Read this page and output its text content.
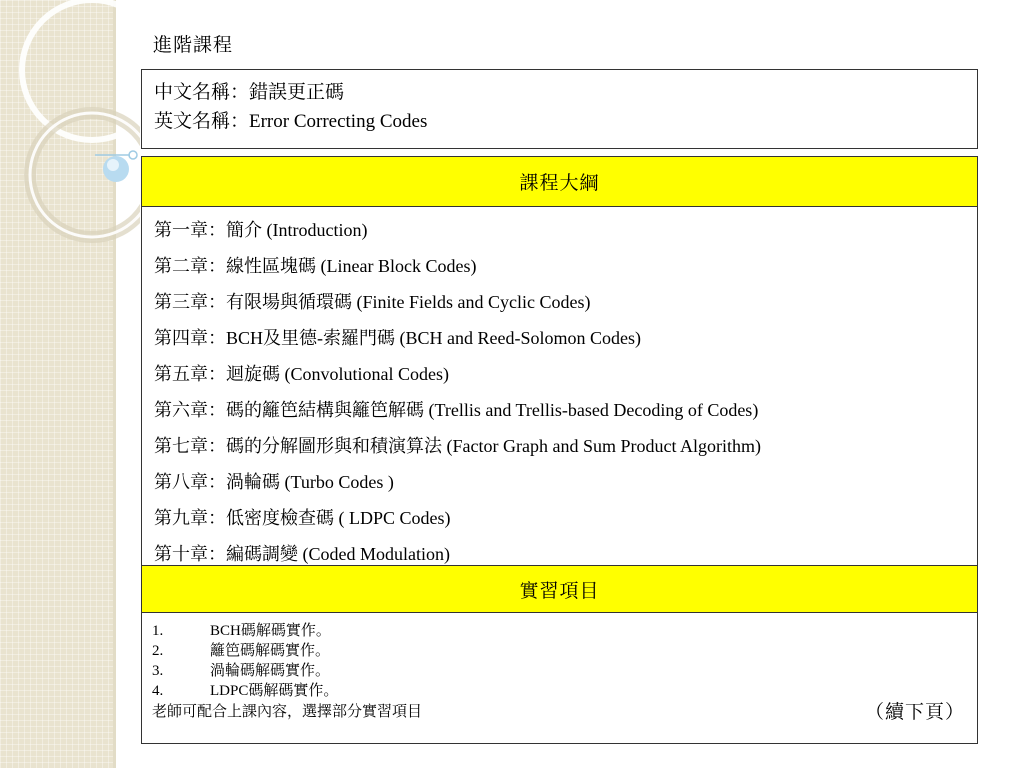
進階課程
中文名稱：錯誤更正碼
英文名稱：Error Correcting Codes
課程大綱
第一章：簡介 (Introduction)
第二章：線性區塊碼 (Linear Block Codes)
第三章：有限場與循環碼 (Finite Fields and Cyclic Codes)
第四章：BCH及里德-索羅門碼 (BCH and Reed-Solomon Codes)
第五章：迴旋碼 (Convolutional Codes)
第六章：碼的籬笆結構與籬笆解碼 (Trellis and Trellis-based Decoding of Codes)
第七章：碼的分解圖形與和積演算法 (Factor Graph and Sum Product Algorithm)
第八章：渦輪碼 (Turbo Codes )
第九章：低密度檢查碼 ( LDPC Codes)
第十章：編碼調變 (Coded Modulation)
實習項目
1.	BCH碼解碼實作。
2.	籬笆碼解碼實作。
3.	渦輪碼解碼實作。
4.	LDPC碼解碼實作。
老師可配合上課內容，選擇部分實習項目	（續下頁）
